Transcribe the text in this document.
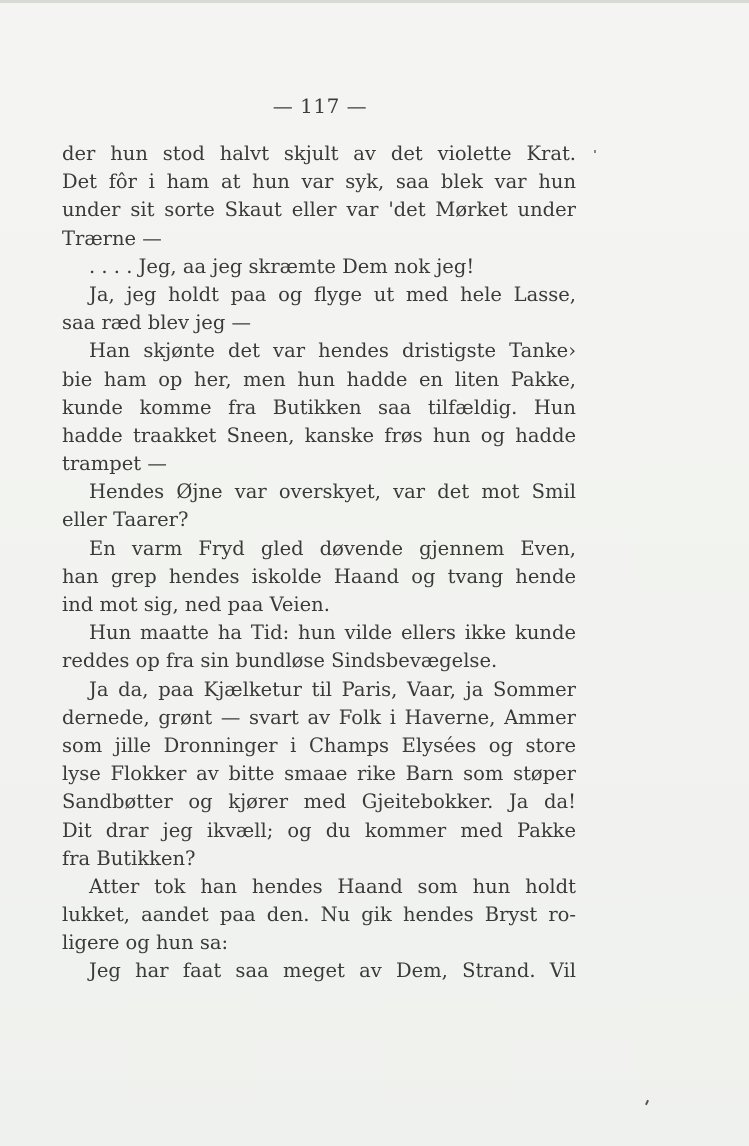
— 117 —
der hun stod halvt skjult av det violette Krat.
Det fôr i ham at hun var syk, saa blek var hun
under sit sorte Skaut eller var 'det Mørket under
Trærne —
. . . . Jeg, aa jeg skræmte Dem nok jeg!
Ja, jeg holdt paa og flyge ut med hele Lasse,
saa ræd blev jeg —
Han skjønte det var hendes dristigste Tanke›
bie ham op her, men hun hadde en liten Pakke,
kunde komme fra Butikken saa tilfældig. Hun
hadde traakket Sneen, kanske frøs hun og hadde
trampet —
Hendes Øjne var overskyet, var det mot Smil
eller Taarer?
En varm Fryd gled døvende gjennem Even,
han grep hendes iskolde Haand og tvang hende
ind mot sig, ned paa Veien.
Hun maatte ha Tid: hun vilde ellers ikke kunde
reddes op fra sin bundløse Sindsbevægelse.
Ja da, paa Kjælketur til Paris, Vaar, ja Sommer
dernede, grønt — svart av Folk i Haverne, Ammer
som jille Dronninger i Champs Elysées og store
lyse Flokker av bitte smaae rike Barn som støper
Sandbøtter og kjører med Gjeitebokker. Ja da!
Dit drar jeg ikvæll; og du kommer med Pakke
fra Butikken?
Atter tok han hendes Haand som hun holdt
lukket, aandet paa den. Nu gik hendes Bryst ro-
ligere og hun sa:
Jeg har faat saa meget av Dem, Strand. Vil
